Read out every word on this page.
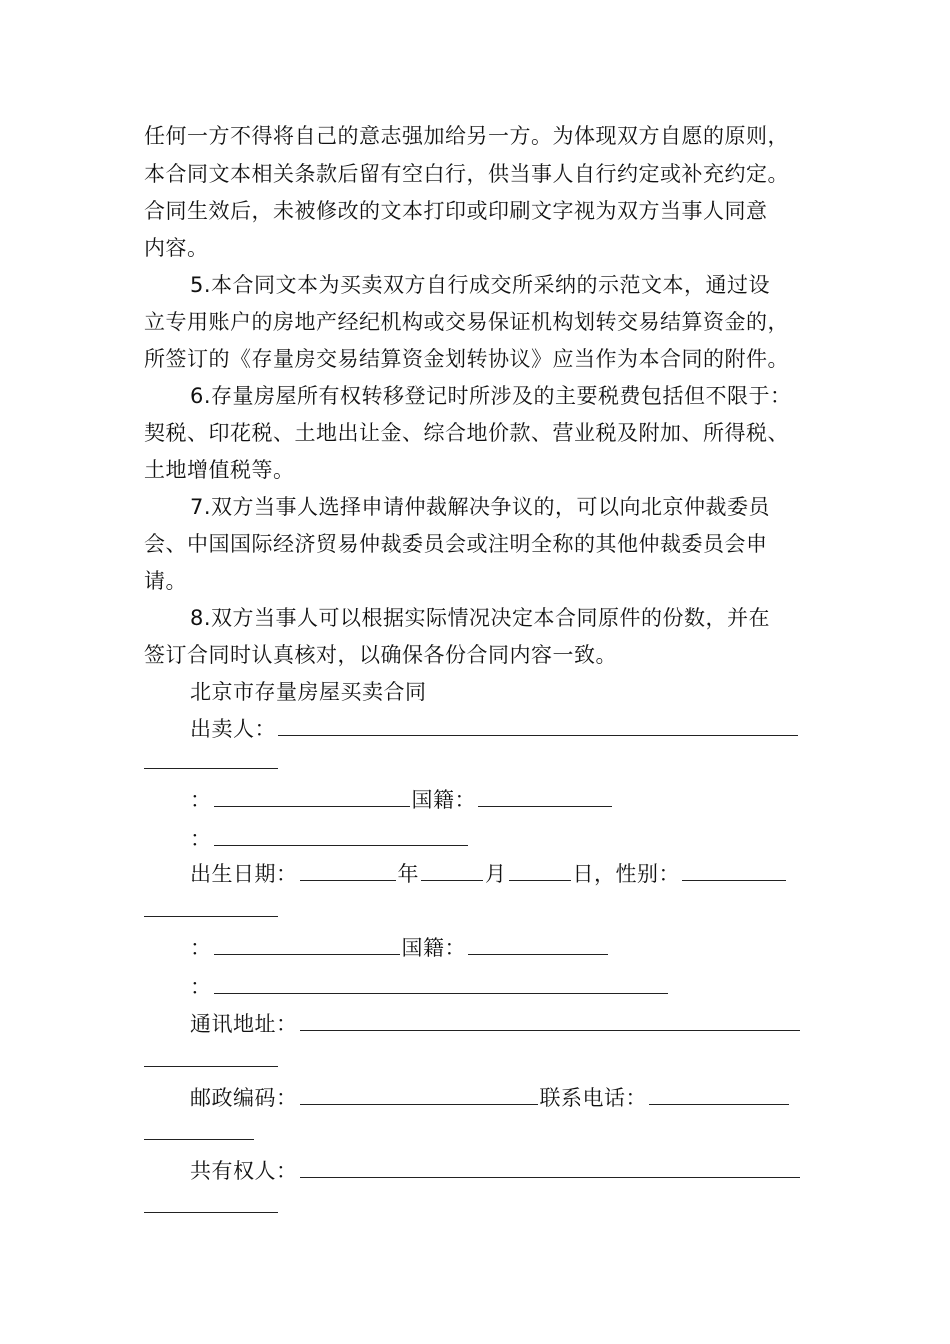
任何一方不得将自己的意志强加给另一方。为体现双方自愿的原则，
本合同文本相关条款后留有空白行，供当事人自行约定或补充约定。
合同生效后，未被修改的文本打印或印刷文字视为双方当事人同意
内容。
5.本合同文本为买卖双方自行成交所采纳的示范文本，通过设
立专用账户的房地产经纪机构或交易保证机构划转交易结算资金的，
所签订的《存量房交易结算资金划转协议》应当作为本合同的附件。
6.存量房屋所有权转移登记时所涉及的主要税费包括但不限于：
契税、印花税、土地出让金、综合地价款、营业税及附加、所得税、
土地增值税等。
7.双方当事人选择申请仲裁解决争议的，可以向北京仲裁委员
会、中国国际经济贸易仲裁委员会或注明全称的其他仲裁委员会申
请。
8.双方当事人可以根据实际情况决定本合同原件的份数，并在
签订合同时认真核对，以确保各份合同内容一致。
北京市存量房屋买卖合同
出卖人：
：	国籍：
：
出生日期：	年	月	日，性别：
：	国籍：
：
通讯地址：
邮政编码：	联系电话：
共有权人：
